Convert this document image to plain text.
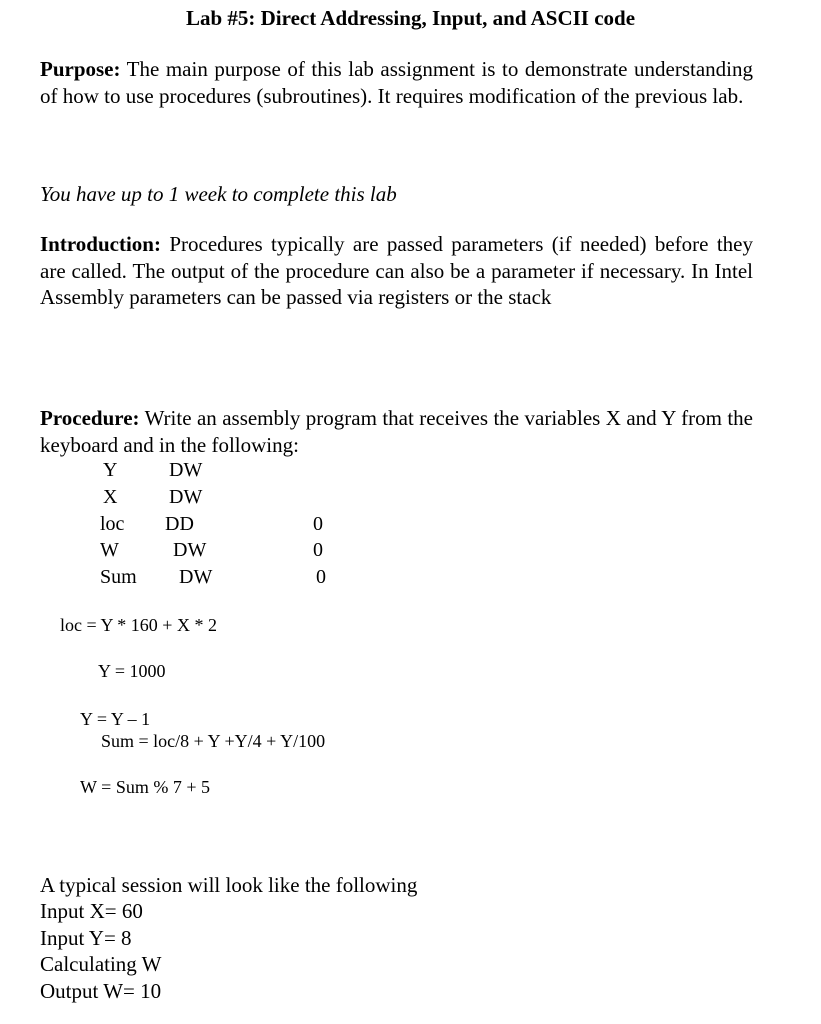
Lab #5: Direct Addressing, Input, and ASCII code
Purpose: The main purpose of this lab assignment is to demonstrate understanding of how to use procedures (subroutines). It requires modification of the previous lab.
You have up to 1 week to complete this lab
Introduction: Procedures typically are passed parameters (if needed) before they are called. The output of the procedure can also be a parameter if necessary. In Intel Assembly parameters can be passed via registers or the stack
Procedure: Write an assembly program that receives the variables X and Y from the keyboard and in the following:
Y	DW
X	DW
loc DD	0
W	DW	0
Sum DW	0
loc = Y * 160 + X * 2
Y = 1000
Y = Y – 1
Sum = loc/8 + Y +Y/4 + Y/100
W = Sum % 7 + 5
A typical session will look like the following
Input X= 60
Input Y= 8
Calculating W
Output W= 10
